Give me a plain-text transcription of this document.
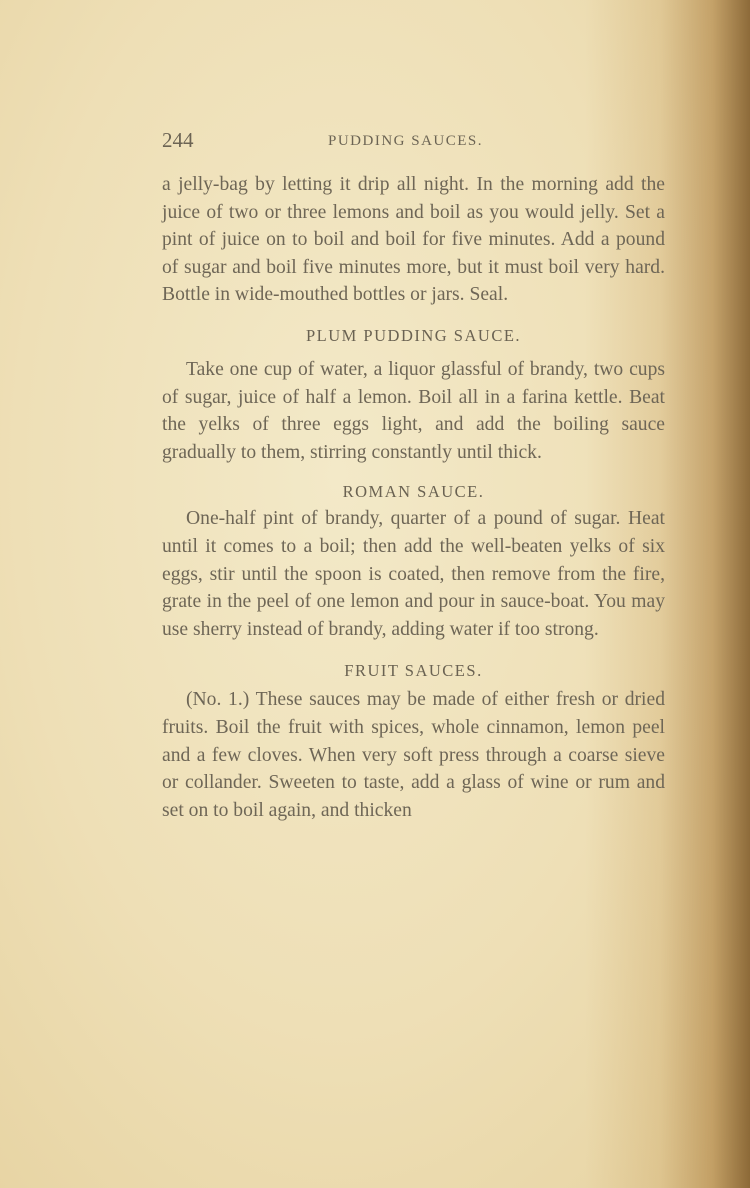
244	PUDDING SAUCES.

a jelly-bag by letting it drip all night. In the morning add the juice of two or three lemons and boil as you would jelly. Set a pint of juice on to boil and boil for five minutes. Add a pound of sugar and boil five minutes more, but it must boil very hard. Bottle in wide-mouthed bottles or jars. Seal.

PLUM PUDDING SAUCE.

Take one cup of water, a liquor glassful of brandy, two cups of sugar, juice of half a lemon. Boil all in a farina kettle. Beat the yelks of three eggs light, and add the boiling sauce gradually to them, stirring constantly until thick.

ROMAN SAUCE.

One-half pint of brandy, quarter of a pound of sugar. Heat until it comes to a boil; then add the well-beaten yelks of six eggs, stir until the spoon is coated, then remove from the fire, grate in the peel of one lemon and pour in sauce-boat. You may use sherry instead of brandy, adding water if too strong.

FRUIT SAUCES.

(No. 1.) These sauces may be made of either fresh or dried fruits. Boil the fruit with spices, whole cinnamon, lemon peel and a few cloves. When very soft press through a coarse sieve or collander. Sweeten to taste, add a glass of wine or rum and set on to boil again, and thicken
